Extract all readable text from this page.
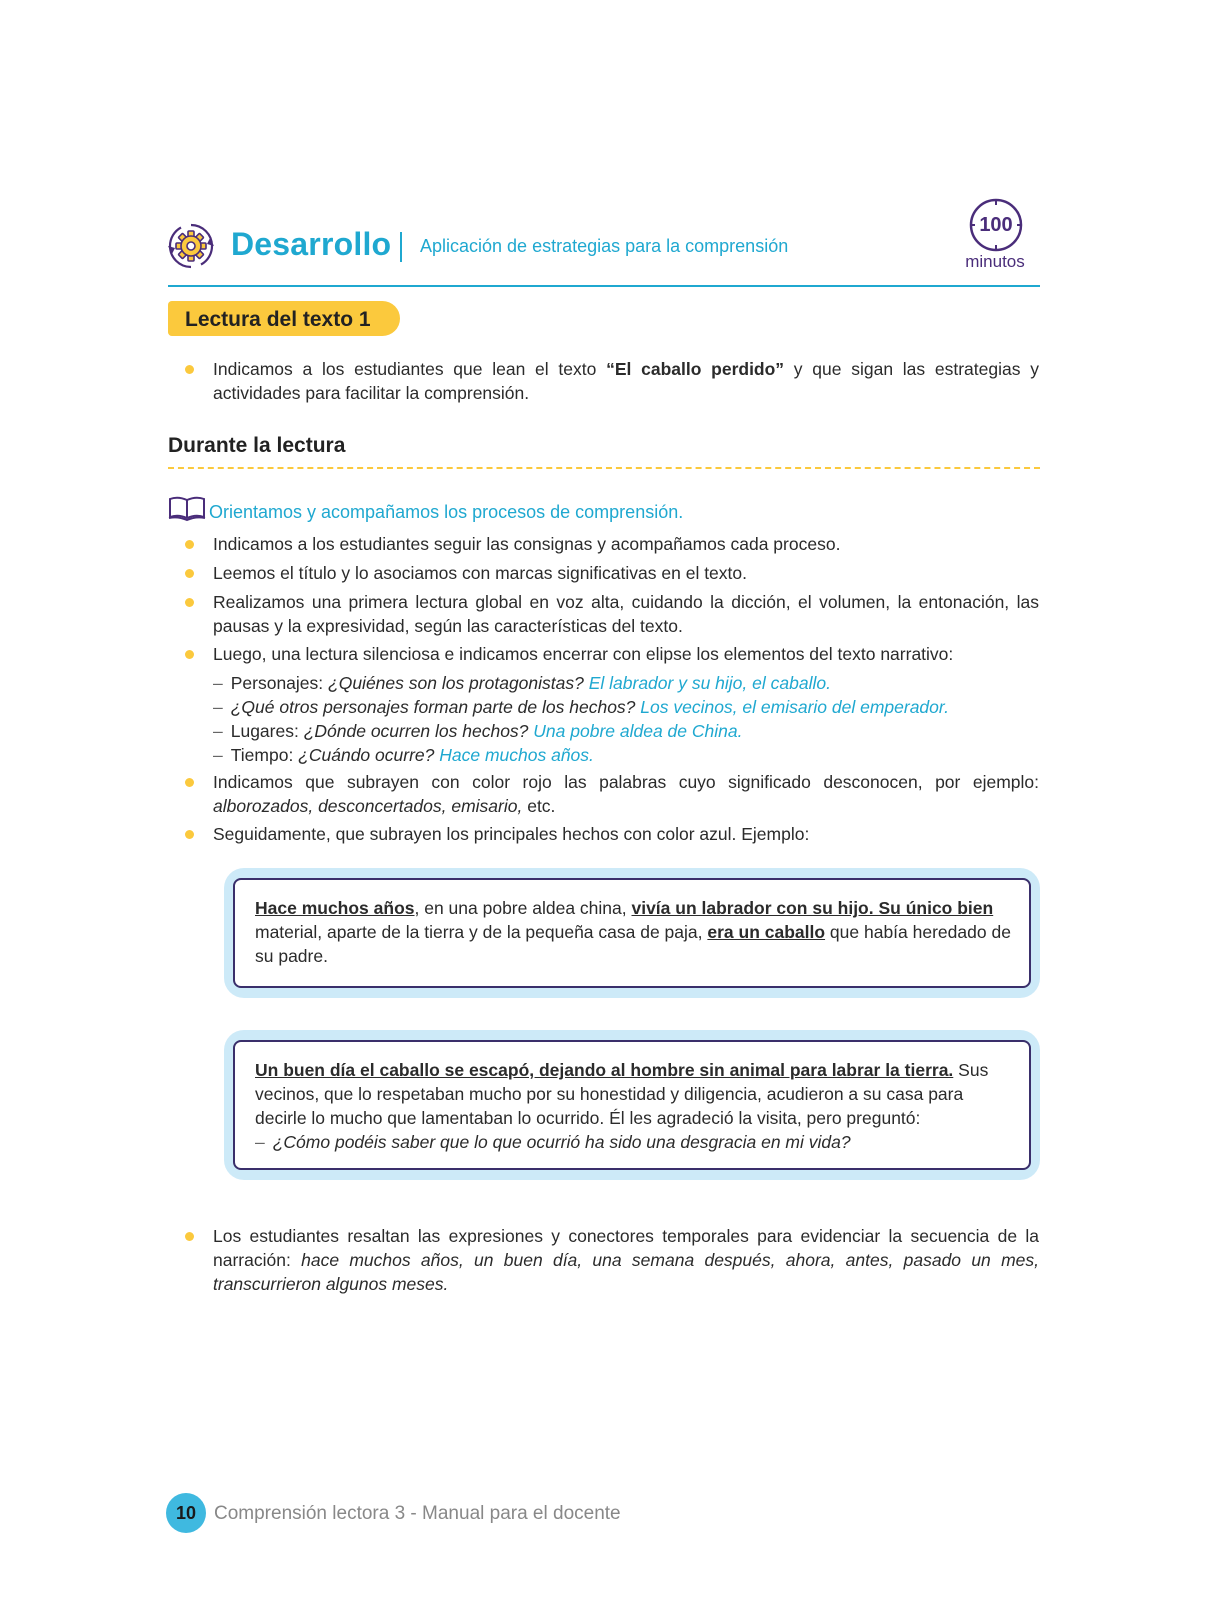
Desarrollo Aplicación de estrategias para la comprensión
100
minutos
Lectura del texto 1
Indicamos a los estudiantes que lean el texto “El caballo perdido” y que sigan las estrategias y actividades para facilitar la comprensión.
Durante la lectura
Orientamos y acompañamos los procesos de comprensión.
Indicamos a los estudiantes seguir las consignas y acompañamos cada proceso.
Leemos el título y lo asociamos con marcas significativas en el texto.
Realizamos una primera lectura global en voz alta, cuidando la dicción, el volumen, la entonación, las pausas y la expresividad, según las características del texto.
Luego, una lectura silenciosa e indicamos encerrar con elipse los elementos del texto narrativo:
– Personajes: ¿Quiénes son los protagonistas? El labrador y su hijo, el caballo.
– ¿Qué otros personajes forman parte de los hechos? Los vecinos, el emisario del emperador.
– Lugares: ¿Dónde ocurren los hechos? Una pobre aldea de China.
– Tiempo: ¿Cuándo ocurre? Hace muchos años.
Indicamos que subrayen con color rojo las palabras cuyo significado desconocen, por ejemplo: alborozados, desconcertados, emisario, etc.
Seguidamente, que subrayen los principales hechos con color azul. Ejemplo:
Hace muchos años, en una pobre aldea china, vivía un labrador con su hijo. Su único bien material, aparte de la tierra y de la pequeña casa de paja, era un caballo que había heredado de su padre.
Un buen día el caballo se escapó, dejando al hombre sin animal para labrar la tierra. Sus vecinos, que lo respetaban mucho por su honestidad y diligencia, acudieron a su casa para decirle lo mucho que lamentaban lo ocurrido. Él les agradeció la visita, pero preguntó:
– ¿Cómo podéis saber que lo que ocurrió ha sido una desgracia en mi vida?
Los estudiantes resaltan las expresiones y conectores temporales para evidenciar la secuencia de la narración: hace muchos años, un buen día, una semana después, ahora, antes, pasado un mes, transcurrieron algunos meses.
10 Comprensión lectora 3 - Manual para el docente
